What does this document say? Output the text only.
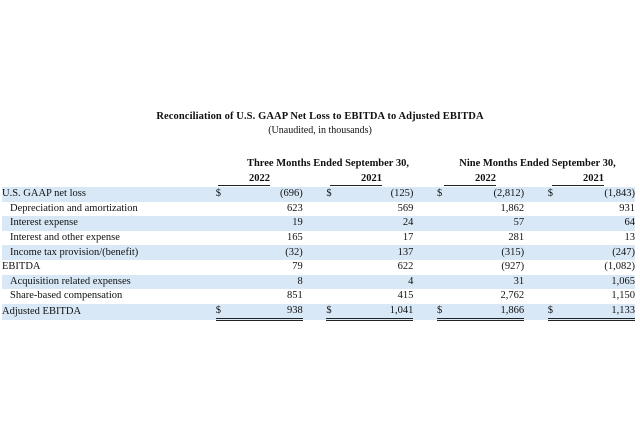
Reconciliation of U.S. GAAP Net Loss to EBITDA to Adjusted EBITDA
(Unaudited, in thousands)
Three Months Ended September 30,	Nine Months Ended September 30,
2022	2021	2022	2021
U.S. GAAP net loss	$	(696)		$	(125)		$	(2,812)		$	(1,843)
Depreciation and amortization		623			569			1,862			931
Interest expense		19			24			57			64
Interest and other expense		165			17			281			13
Income tax provision/(benefit)		(32)			137			(315)			(247)
EBITDA		79			622			(927)			(1,082)
Acquisition related expenses		8			4			31			1,065
Share-based compensation		851			415			2,762			1,150
Adjusted EBITDA	$	938		$	1,041		$	1,866		$	1,133
